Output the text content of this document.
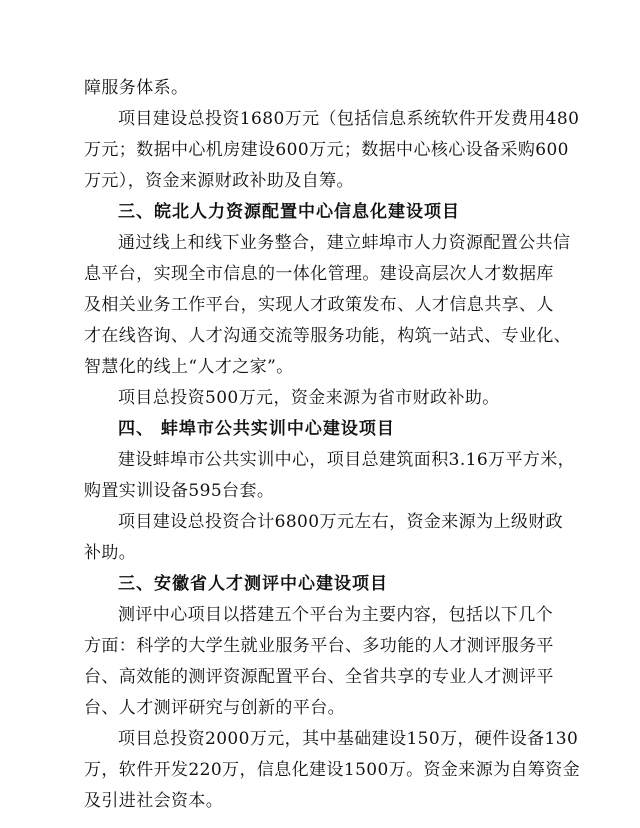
障服务体系。
项目建设总投资1680万元（包括信息系统软件开发费用480
万元；数据中心机房建设600万元；数据中心核心设备采购600
万元），资金来源财政补助及自筹。
三、皖北人力资源配置中心信息化建设项目
通过线上和线下业务整合，建立蚌埠市人力资源配置公共信
息平台，实现全市信息的一体化管理。建设高层次人才数据库
及相关业务工作平台，实现人才政策发布、人才信息共享、人
才在线咨询、人才沟通交流等服务功能，构筑一站式、专业化、
智慧化的线上“人才之家”。
项目总投资500万元，资金来源为省市财政补助。
四、 蚌埠市公共实训中心建设项目
建设蚌埠市公共实训中心，项目总建筑面积3.16万平方米，
购置实训设备595台套。
项目建设总投资合计6800万元左右，资金来源为上级财政
补助。
三、安徽省人才测评中心建设项目
测评中心项目以搭建五个平台为主要内容，包括以下几个
方面：科学的大学生就业服务平台、多功能的人才测评服务平
台、高效能的测评资源配置平台、全省共享的专业人才测评平
台、人才测评研究与创新的平台。
项目总投资2000万元，其中基础建设150万，硬件设备130
万，软件开发220万，信息化建设1500万。资金来源为自筹资金
及引进社会资本。
